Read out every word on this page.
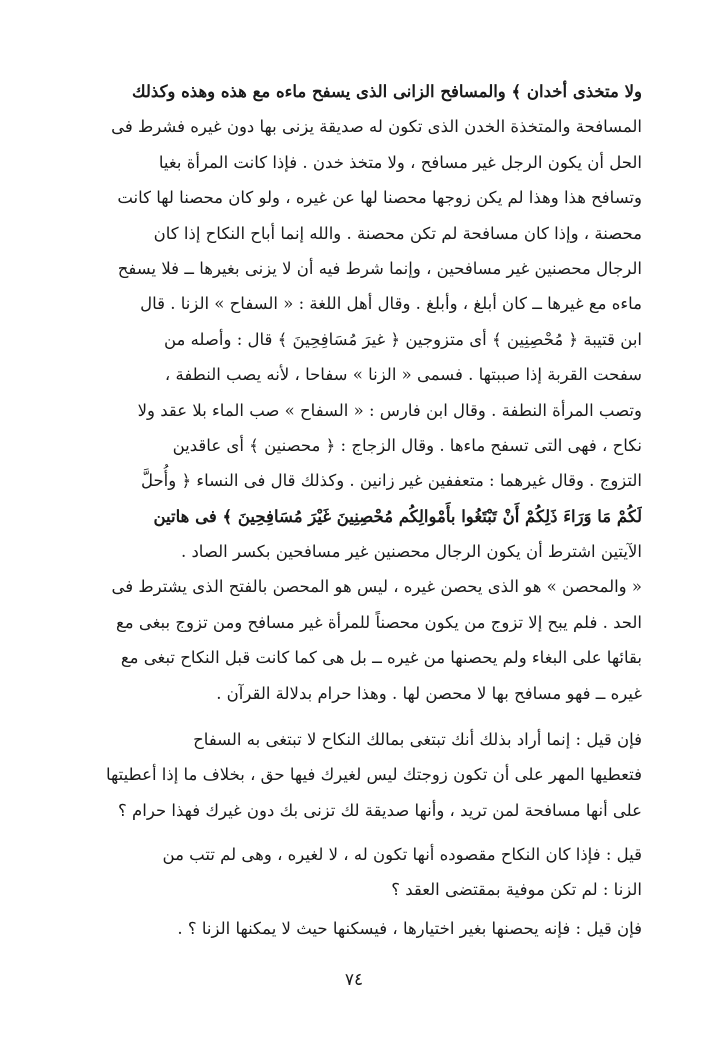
ولا متخذى أخدان ﴾ والمسافح الزانى الذى يسفح ماءه مع هذه وهذه وكذلك
المسافحة والمتخذة الخدن الذى تكون له صديقة يزنى بها دون غيره فشرط فى
الحل أن يكون الرجل غير مسافح ، ولا متخذ خدن . فإذا كانت المرأة بغيا
وتسافح هذا وهذا لم يكن زوجها محصنا لها عن غيره ، ولو كان محصنا لها كانت
محصنة ، وإذا كان مسافحة لم تكن محصنة . والله إنما أباح النكاح إذا كان
الرجال محصنين غير مسافحين ، وإنما شرط فيه أن لا يزنى بغيرها ــ فلا يسفح
ماءه مع غيرها ــ كان أبلغ ، وأبلغ . وقال أهل اللغة : « السفاح » الزنا . قال
ابن قتيبة ﴿ مُحْصِنِين ﴾ أى متزوجين ﴿ غيرَ مُسَافِحِينَ ﴾ قال : وأصله من
سفحت القربة إذا صببتها . فسمى « الزنا » سفاحا ، لأنه يصب النطفة ،
وتصب المرأة النطفة . وقال ابن فارس : « السفاح » صب الماء بلا عقد ولا
نكاح ، فهى التى تسفح ماءها . وقال الزجاج : ﴿ محصنين ﴾ أى عاقدين
التزوج . وقال غيرهما : متعففين غير زانين . وكذلك قال فى النساء ﴿ وأُحلَّ
لَكُمْ مَا وَرَاءَ ذَلِكُمْ أَنْ تَبْتَغُوا بأَمْوالِكُم مُحْصِنِينَ غَيْرَ مُسَافِحِينَ ﴾ فى هاتين
الآيتين اشترط أن يكون الرجال محصنين غير مسافحين بكسر الصاد .
« والمحصن » هو الذى يحصن غيره ، ليس هو المحصن بالفتح الذى يشترط فى
الحد . فلم يبح إلا تزوج من يكون محصناً للمرأة غير مسافح ومن تزوج ببغى مع
بقائها على البغاء ولم يحصنها من غيره ــ بل هى كما كانت قبل النكاح تبغى مع
غيره ــ فهو مسافح بها لا محصن لها . وهذا حرام بدلالة القرآن .
فإن قيل : إنما أراد بذلك أنك تبتغى بمالك النكاح لا تبتغى به السفاح
فتعطيها المهر على أن تكون زوجتك ليس لغيرك فيها حق ، بخلاف ما إذا أعطيتها
على أنها مسافحة لمن تريد ، وأنها صديقة لك تزنى بك دون غيرك فهذا حرام ؟
قيل : فإذا كان النكاح مقصوده أنها تكون له ، لا لغيره ، وهى لم تتب من
الزنا : لم تكن موفية بمقتضى العقد ؟
فإن قيل : فإنه يحصنها بغير اختيارها ، فيسكنها حيث لا يمكنها الزنا ؟ .
٧٤
